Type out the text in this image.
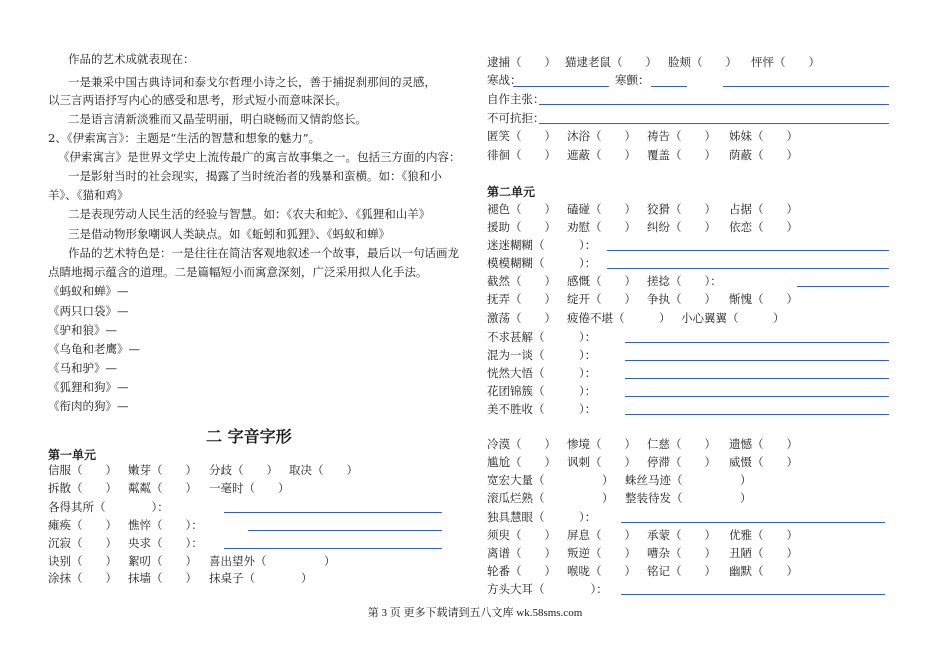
作品的艺术成就表现在：
一是兼采中国古典诗词和泰戈尔哲理小诗之长，善于捕捉刹那间的灵感，
以三言两语抒写内心的感受和思考，形式短小而意味深长。
二是语言清新淡雅而又晶莹明丽，明白晓畅而又情韵悠长。
2、《伊索寓言》：主题是“生活的智慧和想象的魅力”。
《伊索寓言》是世界文学史上流传最广的寓言故事集之一。包括三方面的内容：
一是影射当时的社会现实，揭露了当时统治者的残暴和蛮横。如：《狼和小
羊》、《猫和鸡》
二是表现劳动人民生活的经验与智慧。如：《农夫和蛇》、《狐狸和山羊》
三是借动物形象嘲讽人类缺点。如《蚯蚓和狐狸》、《蚂蚁和蝉》
作品的艺术特色是：一是往往在简洁客观地叙述一个故事，最后以一句话画龙
点睛地揭示蕴含的道理。二是篇幅短小而寓意深刻，广泛采用拟人化手法。
《蚂蚁和蝉》—
《两只口袋》—
《驴和狼》—
《乌龟和老鹰》—
《马和驴》—
《狐狸和狗》—
《衔肉的狗》—
二 字音字形
第一单元
信服（　　） 嫩芽（　　） 分歧（　　） 取决（　　）
拆散（　　） 粼粼（　　） 一毫时（　　）
各得其所（　　　　）：
瘫痪（　　） 憔悴（　　）：
沉寂（　　） 央求（　　）：
诀别（　　） 絮叨（　　） 喜出望外（　　　　　）
涂抹（　　） 抹墙（　　） 抹桌子（　　　　）
逮捕（　　） 猫逮老鼠（　　） 脸颊（　　） 怦怦（　　）
寒战：	寒颤：
自作主张：
不可抗拒：
匿笑（　　） 沐浴（　　） 祷告（　　） 姊妹（　　）
徘徊（　　） 遮蔽（　　） 覆盖（　　） 荫蔽（　　）
第二单元
褪色（　　） 磕碰（　　） 狡猾（　　） 占据（　　）
援助（　　） 劝慰（　　） 纠纷（　　） 依恋（　　）
迷迷糊糊（　　　）：
模模糊糊（　　　）：
截然（　　） 感慨（　　） 搓捻（　　）：
抚弄（　　） 绽开（　　） 争执（　　） 惭愧（　　）
激荡（　　） 疲倦不堪（　　　） 小心翼翼（　　　）
不求甚解（　　　）：
混为一谈（　　　）：
恍然大悟（　　　）：
花团锦簇（　　　）：
美不胜收（　　　）：
冷漠（　　） 惨境（　　） 仁慈（　　） 遗憾（　　）
尴尬（　　） 讽刺（　　） 停滞（　　） 威慑（　　）
宽宏大量（　　　　　） 蛛丝马迹（　　　　　）
滚瓜烂熟（　　　　　） 整装待发（　　　　　）
独具慧眼（　　　）：
须臾（　　） 屏息（　　） 承蒙（　　） 优雅（　　）
离谱（　　） 叛逆（　　） 嘈杂（　　） 丑陋（　　）
轮番（　　） 喉咙（　　） 铭记（　　） 幽默（　　）
方头大耳（　　　　）：
第 3 页 更多下载请到五八文库 wk.58sms.com
